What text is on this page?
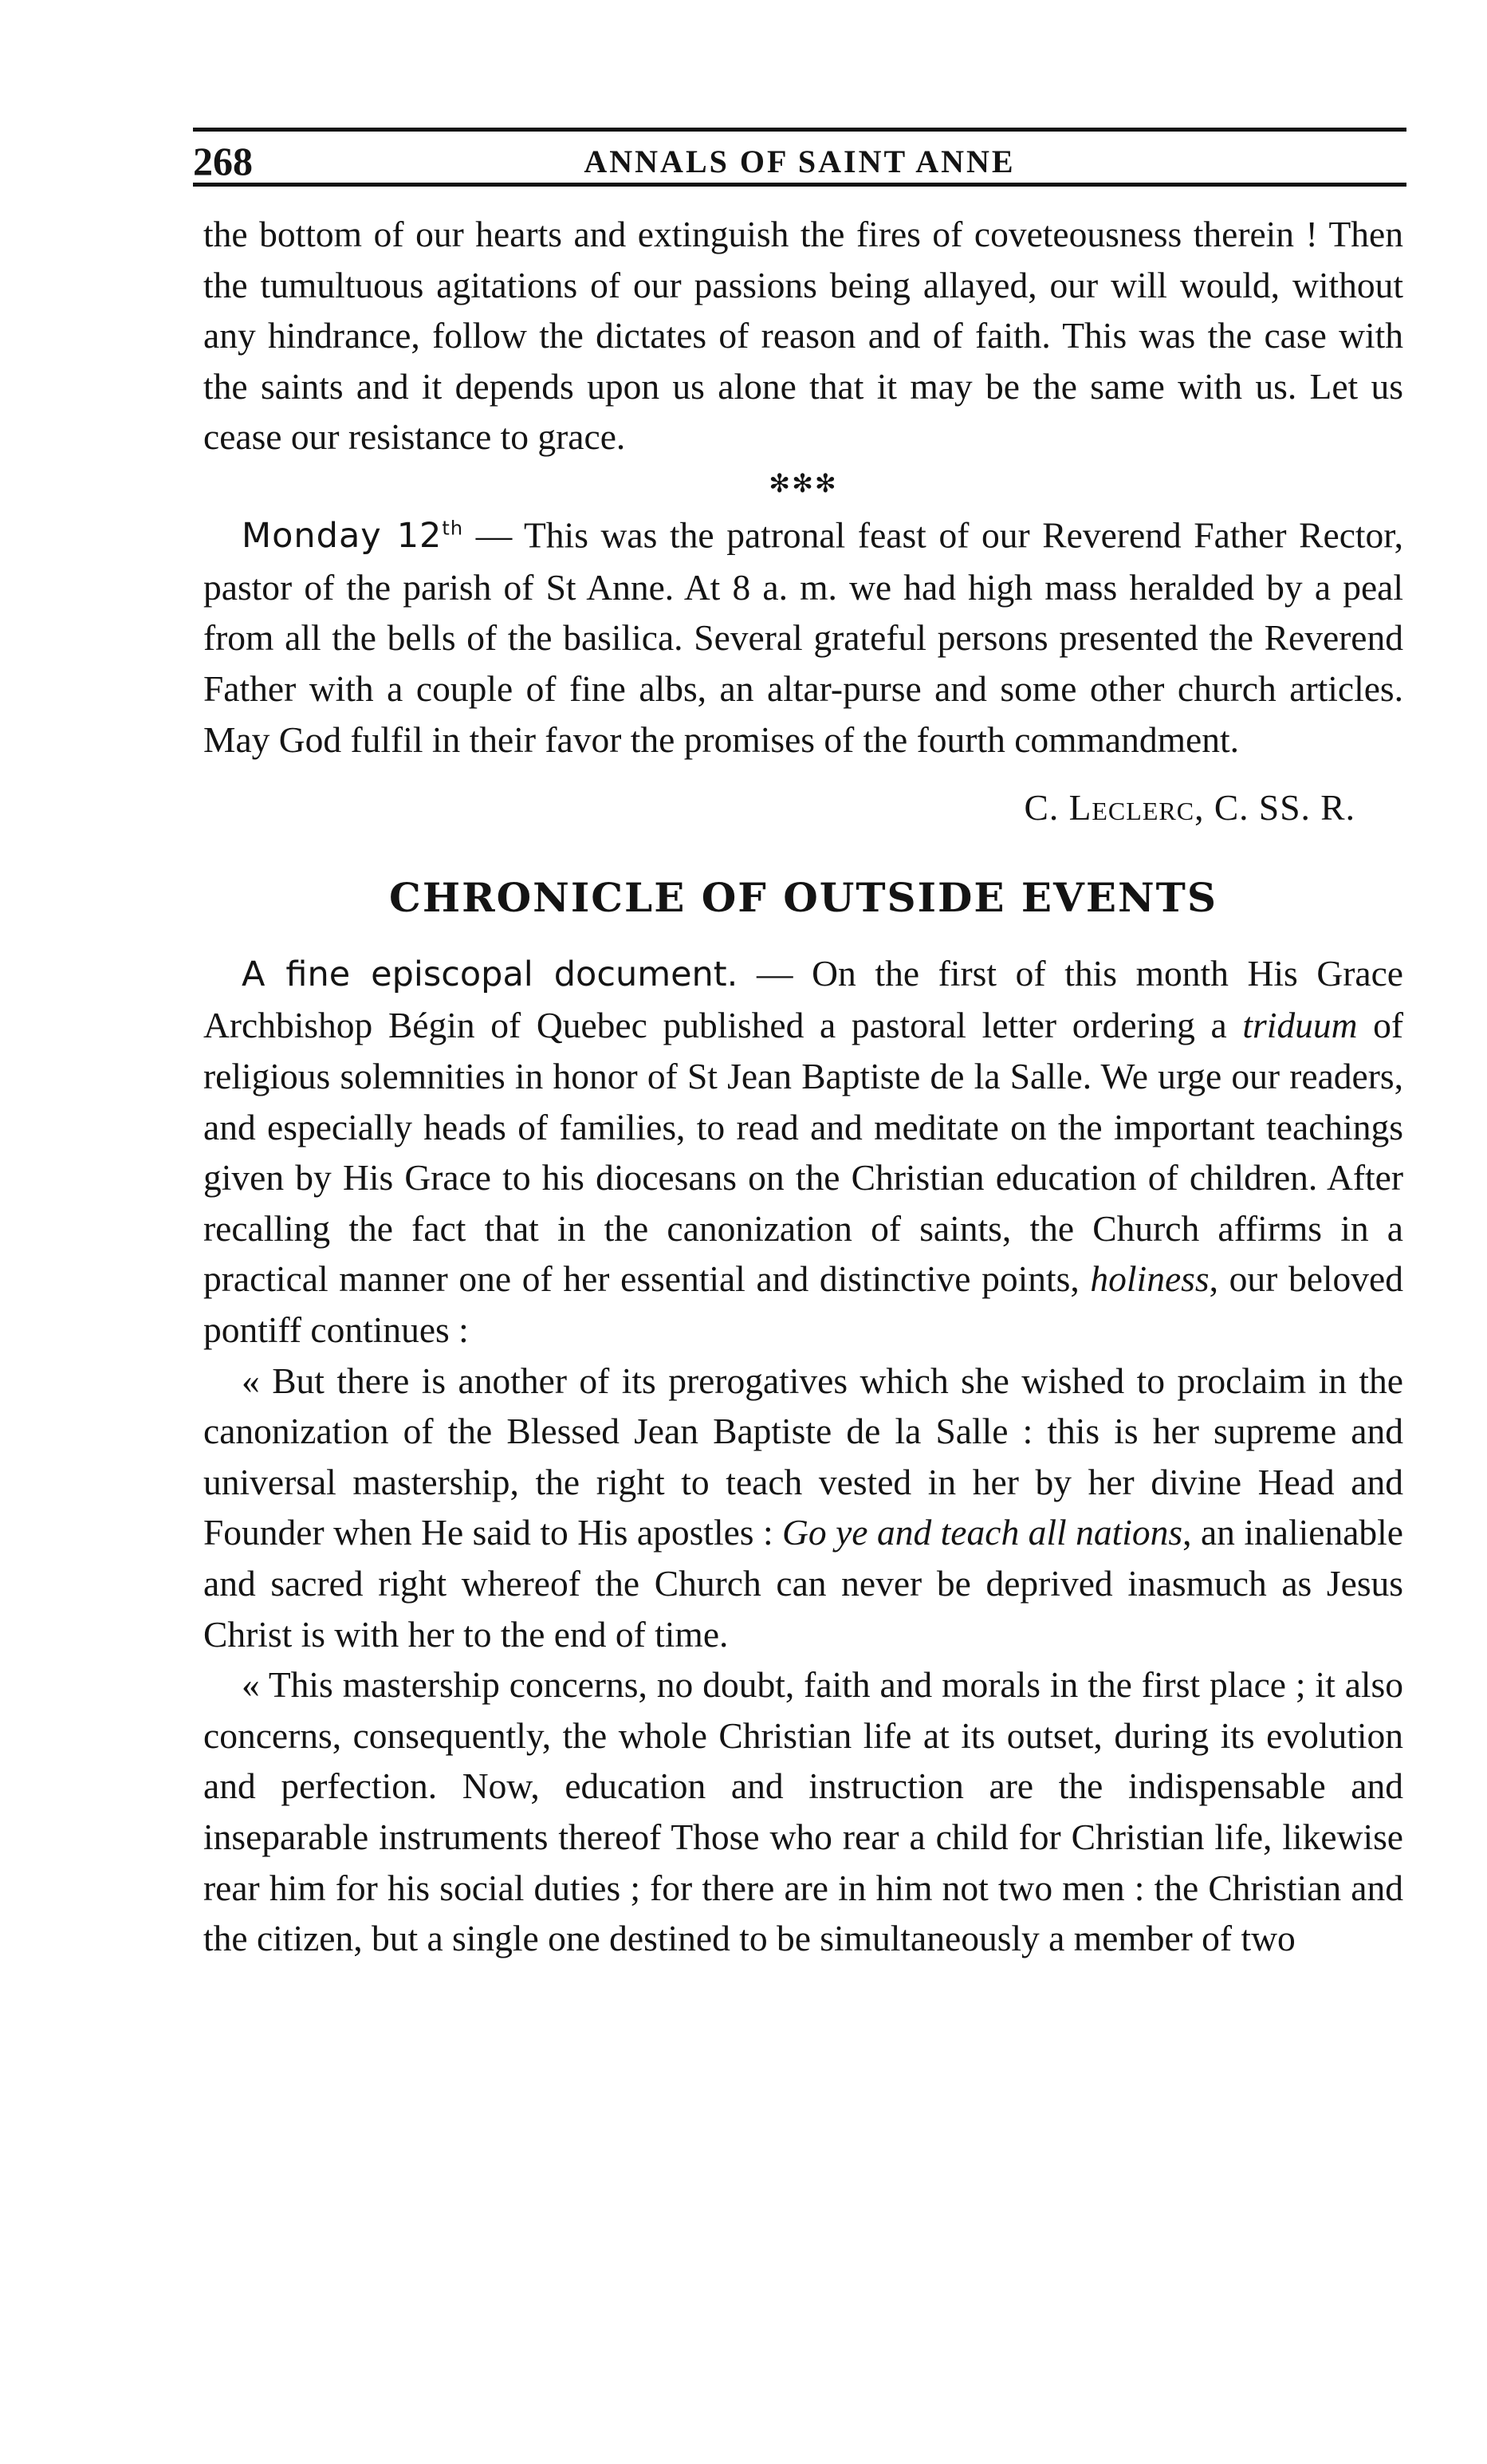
268	ANNALS OF SAINT ANNE

the bottom of our hearts and extinguish the fires of coveteousness therein ! Then the tumultuous agitations of our passions being allayed, our will would, without any hindrance, follow the dictates of reason and of faith. This was the case with the saints and it depends upon us alone that it may be the same with us. Let us cease our resistance to grace.

✻✻✻

Monday 12th — This was the patronal feast of our Reverend Father Rector, pastor of the parish of St Anne. At 8 a. m. we had high mass heralded by a peal from all the bells of the basilica. Several grateful persons presented the Reverend Father with a couple of fine albs, an altar-purse and some other church articles. May God fulfil in their favor the promises of the fourth commandment.

C. Leclerc, C. SS. R.

CHRONICLE OF OUTSIDE EVENTS

A fine episcopal document. — On the first of this month His Grace Archbishop Bégin of Quebec published a pastoral letter ordering a triduum of religious solemnities in honor of St Jean Baptiste de la Salle. We urge our readers, and especially heads of families, to read and meditate on the important teachings given by His Grace to his diocesans on the Christian education of children. After recalling the fact that in the canonization of saints, the Church affirms in a practical manner one of her essential and distinctive points, holiness, our beloved pontiff continues :

« But there is another of its prerogatives which she wished to proclaim in the canonization of the Blessed Jean Baptiste de la Salle : this is her supreme and universal mastership, the right to teach vested in her by her divine Head and Founder when He said to His apostles : Go ye and teach all nations, an inalienable and sacred right whereof the Church can never be deprived inasmuch as Jesus Christ is with her to the end of time.

« This mastership concerns, no doubt, faith and morals in the first place ; it also concerns, consequently, the whole Christian life at its outset, during its evolution and perfection. Now, education and instruction are the indispensable and inseparable instruments thereof Those who rear a child for Christian life, likewise rear him for his social duties ; for there are in him not two men : the Christian and the citizen, but a single one destined to be simultaneously a member of two
